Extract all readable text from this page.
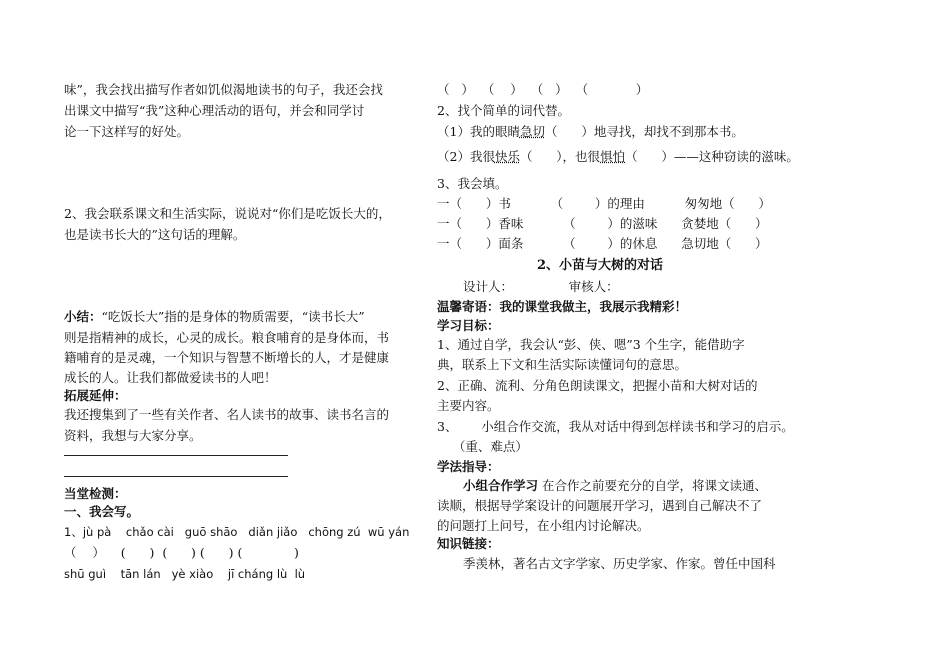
味”，我会找出描写作者如饥似渴地读书的句子，我还会找
出课文中描写“我”这种心理活动的语句，并会和同学讨
论一下这样写的好处。
2、我会联系课文和生活实际，说说对“你们是吃饭长大的，
也是读书长大的”这句话的理解。
小结：“吃饭长大”指的是身体的物质需要，“读书长大”
则是指精神的成长，心灵的成长。粮食哺育的是身体而，书
籍哺育的是灵魂，一个知识与智慧不断增长的人，才是健康
成长的人。让我们都做爱读书的人吧！
拓展延伸：
我还搜集到了一些有关作者、名人读书的故事、读书名言的
资料，我想与大家分享。
当堂检测：
一、我会写。
1、jù pà    chǎo cài   guō shāo   diǎn jiǎo   chōng zú  wū yán
（    ）    (      )  (      ) (      ) (             )
shū guì    tān lán   yè xiào    jī cháng lù  lù
（   ）  （    ）  （   ）  （            ）
2、找个简单的词代替。
（1）我的眼睛急切（      ）地寻找，却找不到那本书。
（2）我很快乐（      ），也很惧怕（      ）——这种窃读的滋味。
3、我会填。
一（      ）书          （        ）的理由          匆匆地（      ）
一（      ）香味          （        ）的滋味      贪婪地（      ）
一（      ）面条          （        ）的休息      急切地（      ）
2、小苗与大树的对话
设计人：              审核人：
温馨寄语：我的课堂我做主，我展示我精彩！
学习目标：
1、通过自学，我会认“彭、侠、嗯”3 个生字，能借助字
典，联系上下文和生活实际读懂词句的意思。
2、正确、流利、分角色朗读课文，把握小苗和大树对话的
主要内容。
3、      小组合作交流，我从对话中得到怎样读书和学习的启示。
（重、难点）
学法指导：
小组合作学习 在合作之前要充分的自学，将课文读通、
读顺，根据导学案设计的问题展开学习，遇到自己解决不了
的问题打上问号，在小组内讨论解决。
知识链接：
季羡林，著名古文字学家、历史学家、作家。曾任中国科
